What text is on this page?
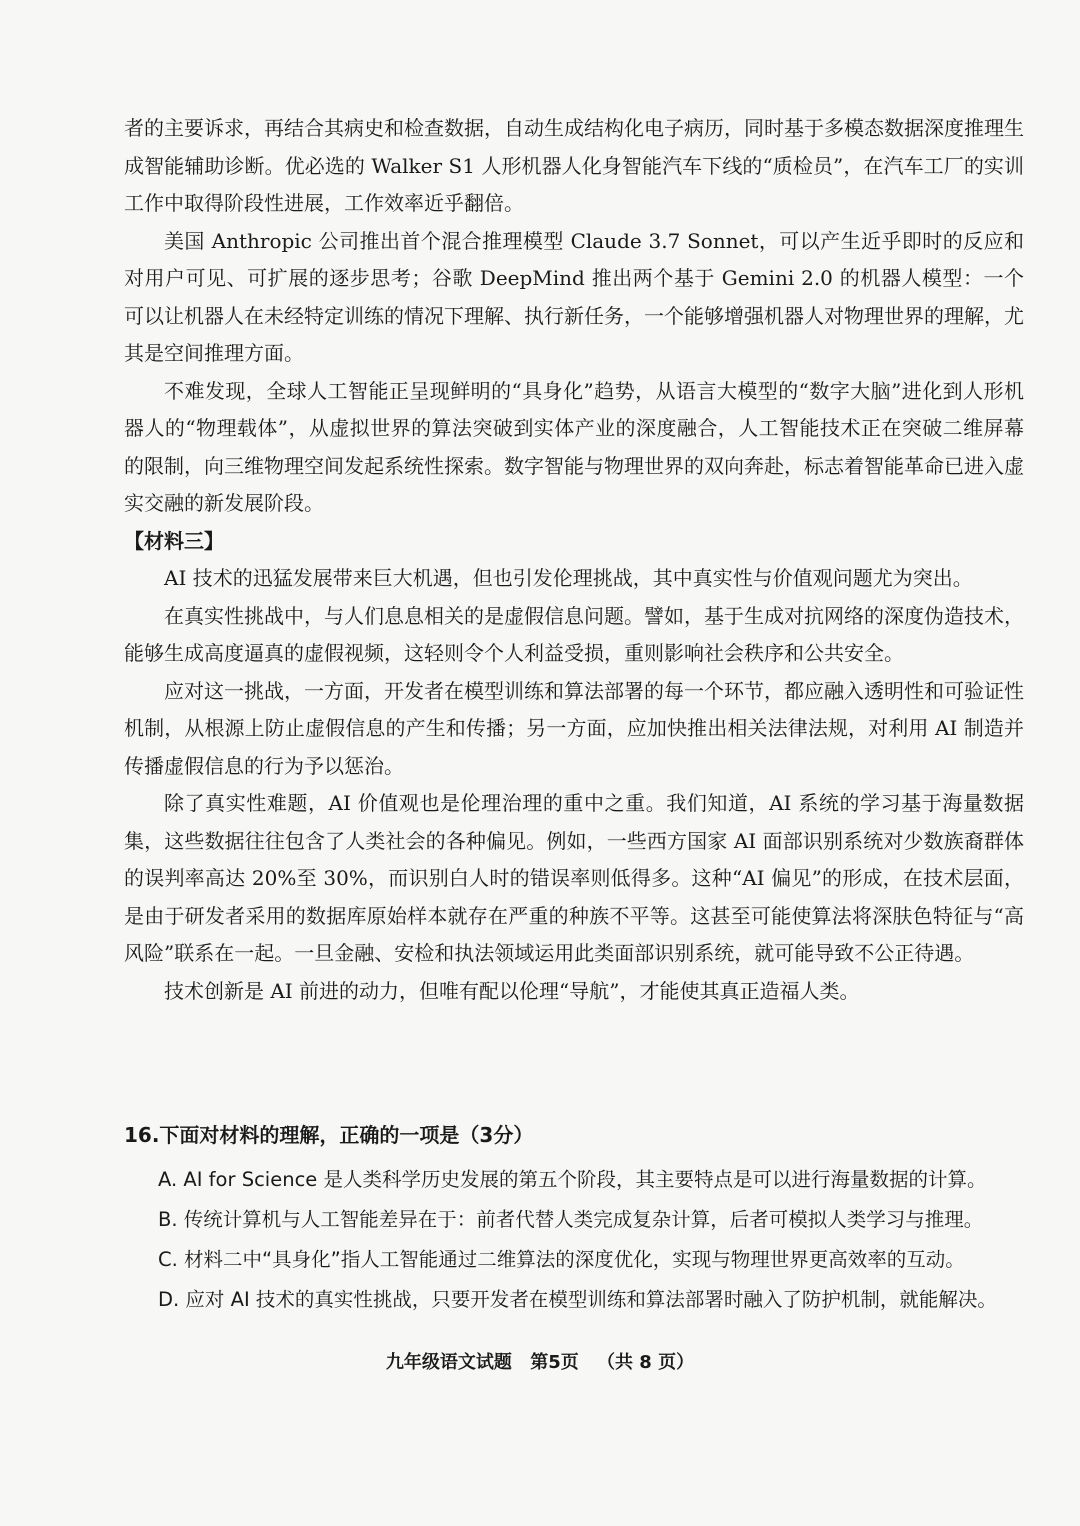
者的主要诉求，再结合其病史和检查数据，自动生成结构化电子病历，同时基于多模态数据深度推理生成智能辅助诊断。优必选的 Walker S1 人形机器人化身智能汽车下线的“质检员”，在汽车工厂的实训工作中取得阶段性进展，工作效率近乎翻倍。

美国 Anthropic 公司推出首个混合推理模型 Claude 3.7 Sonnet，可以产生近乎即时的反应和对用户可见、可扩展的逐步思考；谷歌 DeepMind 推出两个基于 Gemini 2.0 的机器人模型：一个可以让机器人在未经特定训练的情况下理解、执行新任务，一个能够增强机器人对物理世界的理解，尤其是空间推理方面。

不难发现，全球人工智能正呈现鲜明的“具身化”趋势，从语言大模型的“数字大脑”进化到人形机器人的“物理载体”，从虚拟世界的算法突破到实体产业的深度融合，人工智能技术正在突破二维屏幕的限制，向三维物理空间发起系统性探索。数字智能与物理世界的双向奔赴，标志着智能革命已进入虚实交融的新发展阶段。

【材料三】

AI 技术的迅猛发展带来巨大机遇，但也引发伦理挑战，其中真实性与价值观问题尤为突出。

在真实性挑战中，与人们息息相关的是虚假信息问题。譬如，基于生成对抗网络的深度伪造技术，能够生成高度逼真的虚假视频，这轻则令个人利益受损，重则影响社会秩序和公共安全。

应对这一挑战，一方面，开发者在模型训练和算法部署的每一个环节，都应融入透明性和可验证性机制，从根源上防止虚假信息的产生和传播；另一方面，应加快推出相关法律法规，对利用 AI 制造并传播虚假信息的行为予以惩治。

除了真实性难题，AI 价值观也是伦理治理的重中之重。我们知道，AI 系统的学习基于海量数据集，这些数据往往包含了人类社会的各种偏见。例如，一些西方国家 AI 面部识别系统对少数族裔群体的误判率高达 20%至 30%，而识别白人时的错误率则低得多。这种“AI 偏见”的形成，在技术层面，是由于研发者采用的数据库原始样本就存在严重的种族不平等。这甚至可能使算法将深肤色特征与“高风险”联系在一起。一旦金融、安检和执法领域运用此类面部识别系统，就可能导致不公正待遇。

技术创新是 AI 前进的动力，但唯有配以伦理“导航”，才能使其真正造福人类。

16.下面对材料的理解，正确的一项是（3分）

A. AI for Science 是人类科学历史发展的第五个阶段，其主要特点是可以进行海量数据的计算。

B. 传统计算机与人工智能差异在于：前者代替人类完成复杂计算，后者可模拟人类学习与推理。

C. 材料二中“具身化”指人工智能通过二维算法的深度优化，实现与物理世界更高效率的互动。

D. 应对 AI 技术的真实性挑战，只要开发者在模型训练和算法部署时融入了防护机制，就能解决。

九年级语文试题 第5页 （共 8 页）
